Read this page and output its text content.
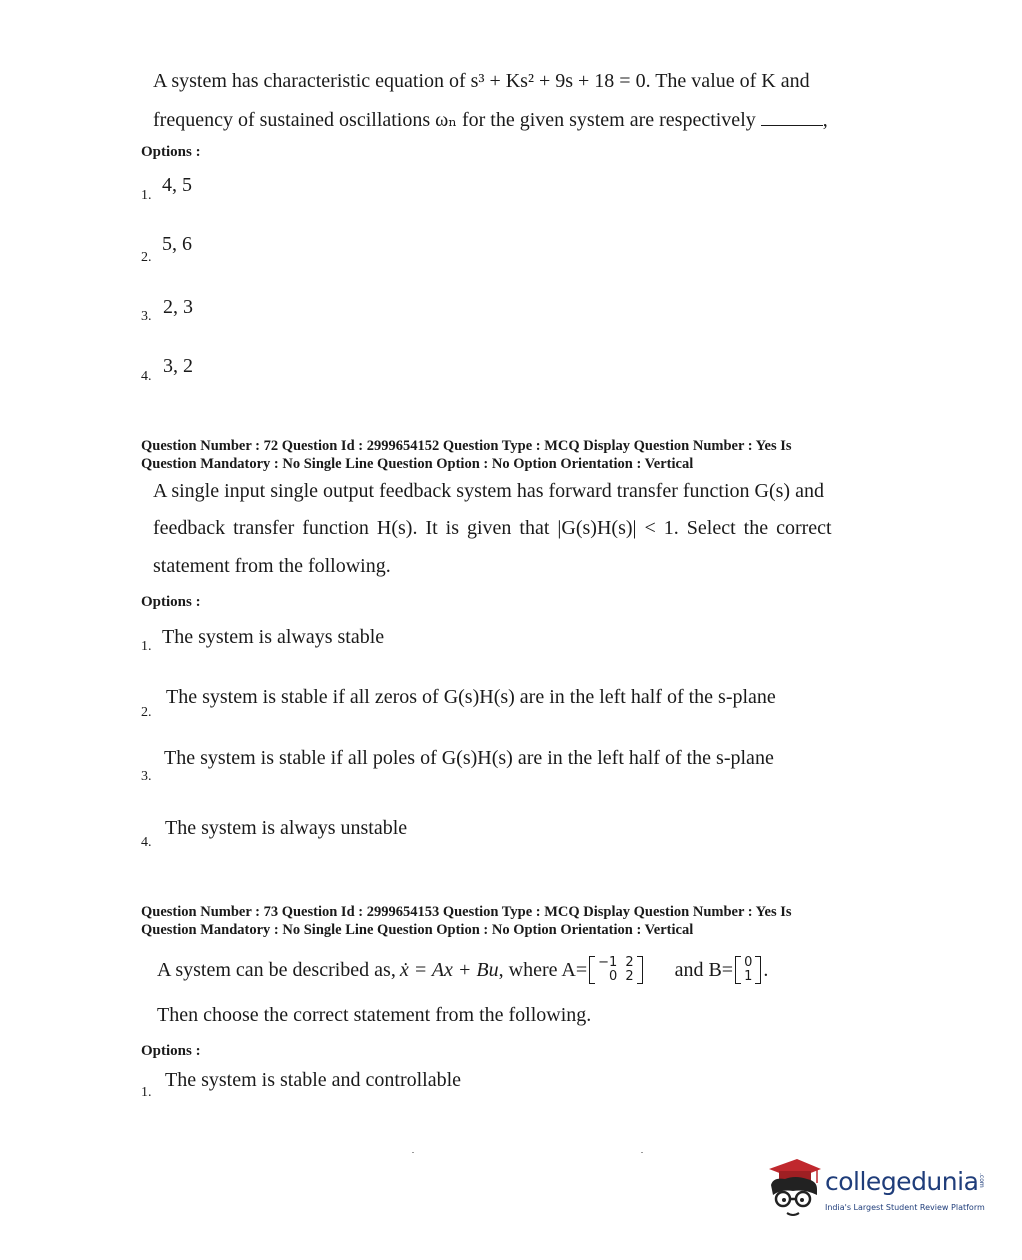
A system has characteristic equation of s³ + Ks² + 9s + 18 = 0. The value of K and
frequency of sustained oscillations ωₙ for the given system are respectively	,
Options :
1. 4, 5
2.
5, 6
3. 2, 3
4. 3, 2
Question Number : 72 Question Id : 2999654152 Question Type : MCQ Display Question Number : Yes Is
Question Mandatory : No Single Line Question Option : No Option Orientation : Vertical
A single input single output feedback system has forward transfer function G(s) and
feedback transfer function H(s). It is given that |G(s)H(s)| < 1. Select the correct
statement from the following.
Options :
1. The system is always stable
2.
The system is stable if all zeros of G(s)H(s) are in the left half of the s-plane
3.
The system is stable if all poles of G(s)H(s) are in the left half of the s-plane
4.
The system is always unstable
Question Number : 73 Question Id : 2999654153 Question Type : MCQ Display Question Number : Yes Is
Question Mandatory : No Single Line Question Option : No Option Orientation : Vertical
A system can be described as, ẋ = Ax + Bu , where A= −1	2
0	2 and B= 0
1 .
Then choose the correct statement from the following.
Options :
1.
The system is stable and controllable
collegedunia .com
India's Largest Student Review Platform
